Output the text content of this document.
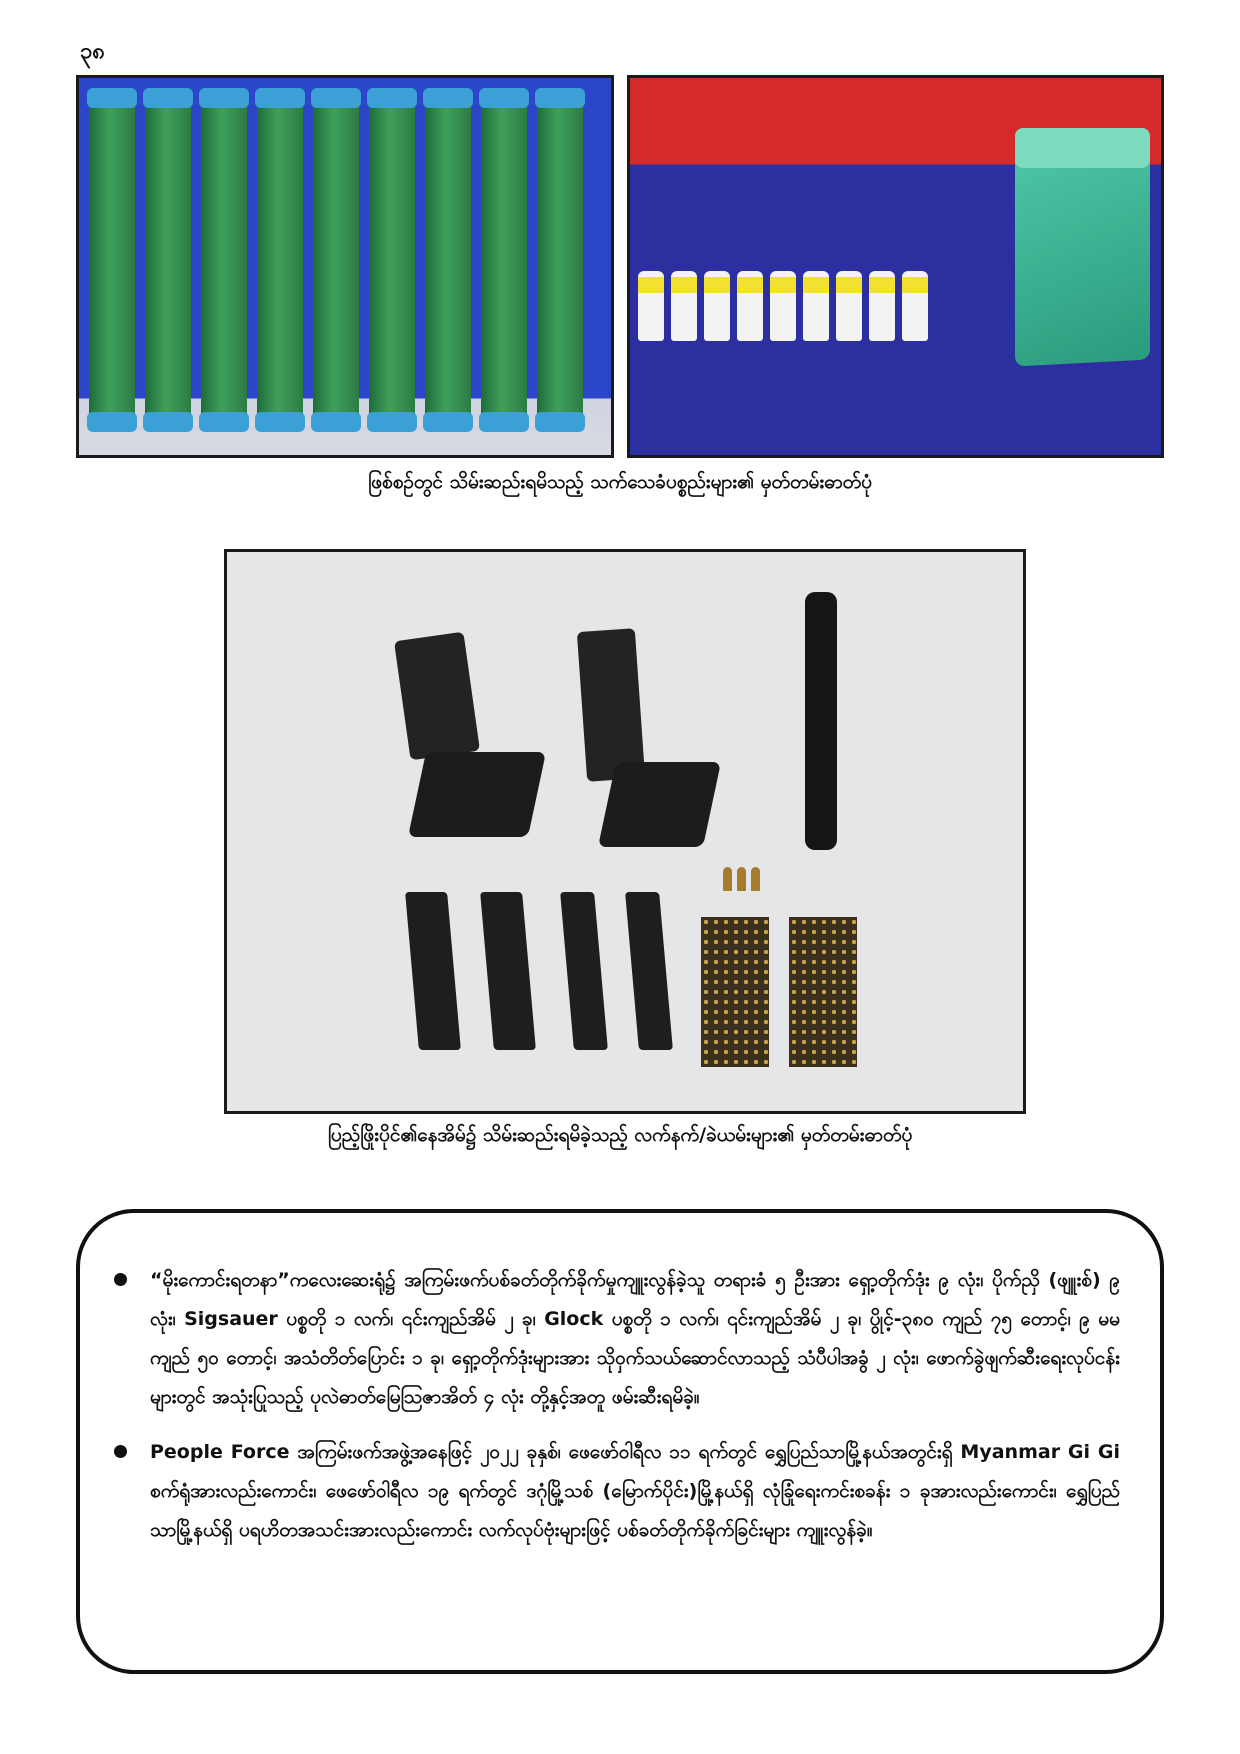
၃၈
ဖြစ်စဉ်တွင် သိမ်းဆည်းရမိသည့် သက်သေခံပစ္စည်းများ၏ မှတ်တမ်းဓာတ်ပုံ
ပြည့်ဖြိုးပိုင်၏နေအိမ်၌ သိမ်းဆည်းရမိခဲ့သည့် လက်နက်/ခဲယမ်းများ၏ မှတ်တမ်းဓာတ်ပုံ
“မိုးကောင်းရတနာ”ကလေးဆေးရုံ၌ အကြမ်းဖက်ပစ်ခတ်တိုက်ခိုက်မှုကျူးလွန်ခဲ့သူ တရားခံ ၅ ဦးအား ရှော့တိုက်ဒုံး ၉ လုံး၊ ပိုက်ညှိ (ဖျူးစ်) ၉ လုံး၊ Sigsauer ပစ္စတို ၁ လက်၊ ၎င်းကျည်အိမ် ၂ ခု၊ Glock ပစ္စတို ၁ လက်၊ ၎င်းကျည်အိမ် ၂ ခု၊ ပွိုင့်-၃၈၀ ကျည် ၇၅ တောင့်၊ ၉ မမ ကျည် ၅၀ တောင့်၊ အသံတိတ်ပြောင်း ၁ ခု၊ ရှော့တိုက်ဒုံးများအား သိုဝှက်သယ်ဆောင်လာသည့် သံပီပါအခွံ ၂ လုံး၊ ဖောက်ခွဲဖျက်ဆီးရေးလုပ်ငန်းများတွင် အသုံးပြုသည့် ပုလဲဓာတ်မြေသြဇာအိတ် ၄ လုံး တို့နှင့်အတူ ဖမ်းဆီးရမိခဲ့။
People Force အကြမ်းဖက်အဖွဲ့အနေဖြင့် ၂၀၂၂ ခုနှစ်၊ ဖေဖော်ဝါရီလ ၁၁ ရက်တွင် ရွှေပြည်သာမြို့နယ်အတွင်းရှိ Myanmar Gi Gi စက်ရုံအားလည်းကောင်း၊ ဖေဖော်ဝါရီလ ၁၉ ရက်တွင် ဒဂုံမြို့သစ် (မြောက်ပိုင်း)မြို့နယ်ရှိ လုံခြုံရေးကင်းစခန်း ၁ ခုအားလည်းကောင်း၊ ရွှေပြည်သာမြို့နယ်ရှိ ပရဟိတအသင်းအားလည်းကောင်း လက်လုပ်ဗုံးများဖြင့် ပစ်ခတ်တိုက်ခိုက်ခြင်းများ ကျူးလွန်ခဲ့။
